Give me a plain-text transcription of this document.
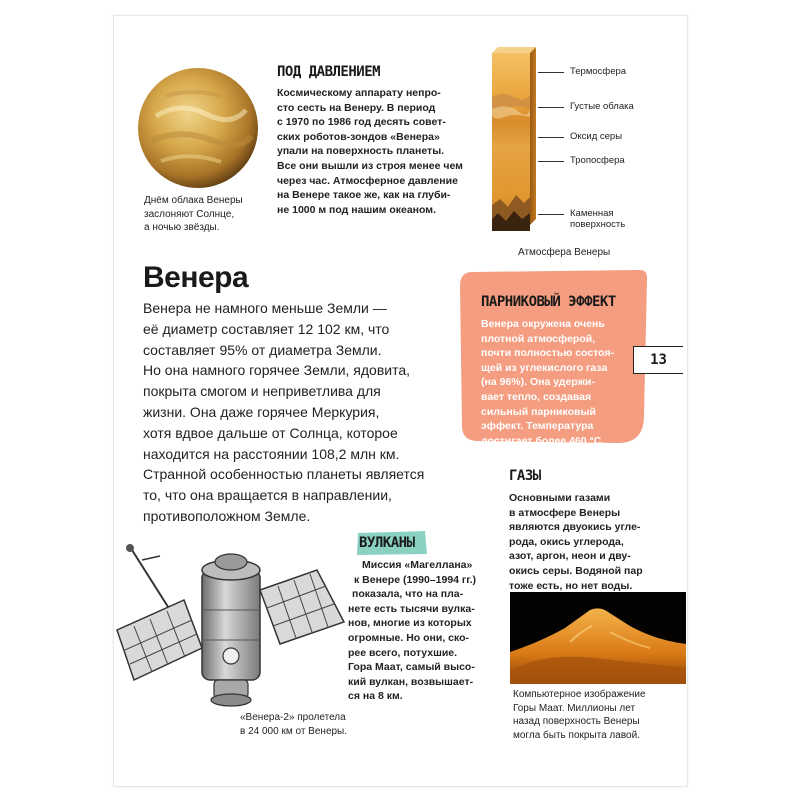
Днём облака Венеры
заслоняют Солнце,
а ночью звёзды.
ПОД ДАВЛЕНИЕМ
Космическому аппарату непро-
сто сесть на Венеру. В период
с 1970 по 1986 год десять совет-
ских роботов-зондов «Венера»
упали на поверхность планеты.
Все они вышли из строя менее чем
через час. Атмосферное давление
на Венере такое же, как на глуби-
не 1000 м под нашим океаном.
Термосфера
Густые облака
Оксид серы
Тропосфера
Каменная
поверхность
Атмосфера Венеры
Венера
Венера не намного меньше Земли —
её диаметр составляет 12 102 км, что
составляет 95% от диаметра Земли.
Но она намного горячее Земли, ядовита,
покрыта смогом и неприветлива для
жизни. Она даже горячее Меркурия,
хотя вдвое дальше от Солнца, которое
находится на расстоянии 108,2 млн км.
Странной особенностью планеты является
то, что она вращается в направлении,
противоположном Земле.
ПАРНИКОВЫЙ ЭФФЕКТ
Венера окружена очень
плотной атмосферой,
почти полностью состоя-
щей из углекислого газа
(на 96%). Она удержи-
вает тепло, создавая
сильный парниковый
эффект. Температура
достигает более 460 °C.
13
ГАЗЫ
Основными газами
в атмосфере Венеры
являются двуокись угле-
рода, окись углерода,
азот, аргон, неон и дву-
окись серы. Водяной пар
тоже есть, но нет воды.
Компьютерное изображение
Горы Маат. Миллионы лет
назад поверхность Венеры
могла быть покрыта лавой.
ВУЛКАНЫ
Миссия «Магеллана»
к Венере (1990–1994 гг.)
показала, что на пла-
нете есть тысячи вулка-
нов, многие из которых
огромные. Но они, ско-
рее всего, потухшие.
Гора Маат, самый высо-
кий вулкан, возвышает-
ся на 8 км.
«Венера-2» пролетела
в 24 000 км от Венеры.
